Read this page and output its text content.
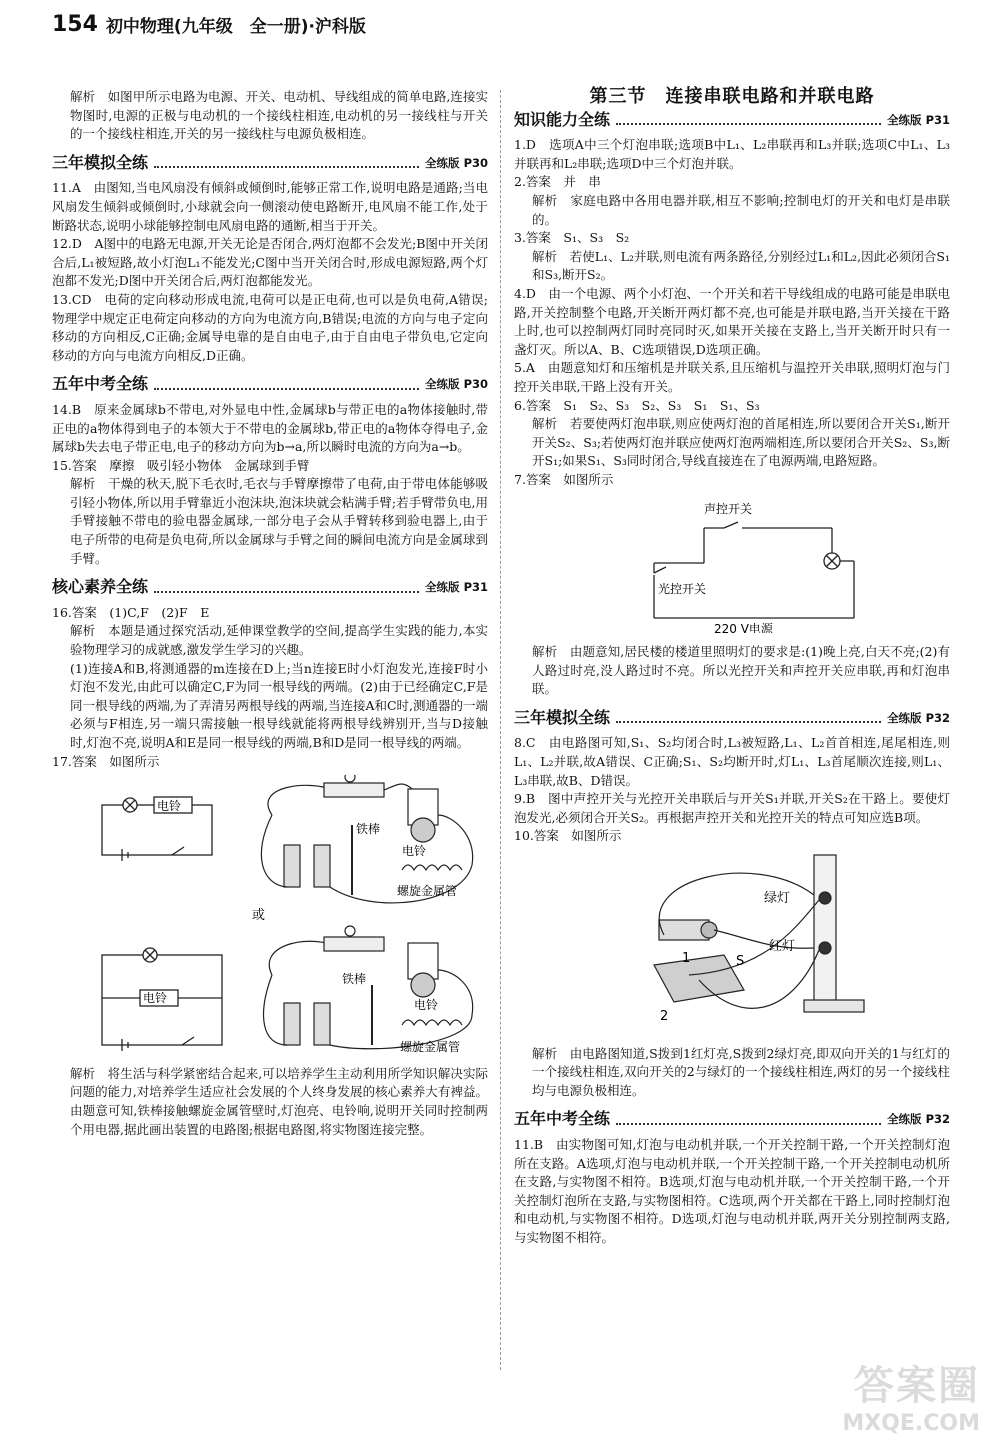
154 初中物理(九年级　全一册)·沪科版

解析　如图甲所示电路为电源、开关、电动机、导线组成的简单电路,连接实物图时,电源的正极与电动机的一个接线柱相连,电动机的另一接线柱与开关的一个接线柱相连,开关的另一接线柱与电源负极相连。

三年模拟全练	全练版 P30

11.A　由图知,当电风扇没有倾斜或倾倒时,能够正常工作,说明电路是通路;当电风扇发生倾斜或倾倒时,小球就会向一侧滚动使电路断开,电风扇不能工作,处于断路状态,说明小球能够控制电风扇电路的通断,相当于开关。

12.D　A图中的电路无电源,开关无论是否闭合,两灯泡都不会发光;B图中开关闭合后,L₁被短路,故小灯泡L₁不能发光;C图中当开关闭合时,形成电源短路,两个灯泡都不发光;D图中开关闭合后,两灯泡都能发光。

13.CD　电荷的定向移动形成电流,电荷可以是正电荷,也可以是负电荷,A错误;物理学中规定正电荷定向移动的方向为电流方向,B错误;电流的方向与电子定向移动的方向相反,C正确;金属导电靠的是自由电子,由于自由电子带负电,它定向移动的方向与电流方向相反,D正确。

五年中考全练	全练版 P30

14.B　原来金属球b不带电,对外显电中性,金属球b与带正电的a物体接触时,带正电的a物体得到电子的本领大于不带电的金属球b,带正电的a物体夺得电子,金属球b失去电子带正电,电子的移动方向为b→a,所以瞬时电流的方向为a→b。

15.答案　摩擦　吸引轻小物体　金属球到手臂

解析　干燥的秋天,脱下毛衣时,毛衣与手臂摩擦带了电荷,由于带电体能够吸引轻小物体,所以用手臂靠近小泡沫块,泡沫块就会粘满手臂;若手臂带负电,用手臂接触不带电的验电器金属球,一部分电子会从手臂转移到验电器上,由于电子所带的电荷是负电荷,所以金属球与手臂之间的瞬间电流方向是金属球到手臂。

核心素养全练	全练版 P31

16.答案　(1)C,F　(2)F　E

解析　本题是通过探究活动,延伸课堂教学的空间,提高学生实践的能力,本实验物理学习的成就感,激发学生学习的兴趣。

(1)连接A和B,将测通器的m连接在D上;当n连接E时小灯泡发光,连接F时小灯泡不发光,由此可以确定C,F为同一根导线的两端。(2)由于已经确定C,F是同一根导线的两端,为了弄清另两根导线的两端,当连接A和C时,测通器的一端必须与F相连,另一端只需接触一根导线就能将两根导线辨别开,当与D接触时,灯泡不亮,说明A和E是同一根导线的两端,B和D是同一根导线的两端。

17.答案　如图所示

电铃
铁棒
电铃
螺旋金属管
或
电铃
铁棒
电铃
螺旋金属管

解析　将生活与科学紧密结合起来,可以培养学生主动利用所学知识解决实际问题的能力,对培养学生适应社会发展的个人终身发展的核心素养大有裨益。由题意可知,铁棒接触螺旋金属管壁时,灯泡亮、电铃响,说明开关同时控制两个用电器,据此画出装置的电路图;根据电路图,将实物图连接完整。

第三节　连接串联电路和并联电路
知识能力全练	全练版 P31

1.D　选项A中三个灯泡串联;选项B中L₁、L₂串联再和L₃并联;选项C中L₁、L₃并联再和L₂串联;选项D中三个灯泡并联。

2.答案　并　串

解析　家庭电路中各用电器并联,相互不影响;控制电灯的开关和电灯是串联的。

3.答案　S₁、S₃　S₂

解析　若使L₁、L₂并联,则电流有两条路径,分别经过L₁和L₂,因此必须闭合S₁和S₃,断开S₂。

4.D　由一个电源、两个小灯泡、一个开关和若干导线组成的电路可能是串联电路,开关控制整个电路,开关断开两灯都不亮,也可能是并联电路,当开关接在干路上时,也可以控制两灯同时亮同时灭,如果开关接在支路上,当开关断开时只有一盏灯灭。所以A、B、C选项错误,D选项正确。

5.A　由题意知灯和压缩机是并联关系,且压缩机与温控开关串联,照明灯泡与门控开关串联,干路上没有开关。

6.答案　S₁　S₂、S₃　S₂、S₃　S₁　S₁、S₃

解析　若要使两灯泡串联,则应使两灯泡的首尾相连,所以要闭合开关S₁,断开开关S₂、S₃;若使两灯泡并联应使两灯泡两端相连,所以要闭合开关S₂、S₃,断开S₁;如果S₁、S₃同时闭合,导线直接连在了电源两端,电路短路。

7.答案　如图所示

声控开关
光控开关
220 V电源

解析　由题意知,居民楼的楼道里照明灯的要求是:(1)晚上亮,白天不亮;(2)有人路过时亮,没人路过时不亮。所以光控开关和声控开关应串联,再和灯泡串联。

三年模拟全练	全练版 P32

8.C　由电路图可知,S₁、S₂均闭合时,L₃被短路,L₁、L₂首首相连,尾尾相连,则L₁、L₂并联,故A错误、C正确;S₁、S₂均断开时,灯L₁、L₃首尾顺次连接,则L₁、L₃串联,故B、D错误。

9.B　图中声控开关与光控开关串联后与开关S₁并联,开关S₂在干路上。要使灯泡发光,必须闭合开关S₂。再根据声控开关和光控开关的特点可知应选B项。

10.答案　如图所示

绿灯
红灯
1
2
S

解析　由电路图知道,S拨到1红灯亮,S拨到2绿灯亮,即双向开关的1与红灯的一个接线柱相连,双向开关的2与绿灯的一个接线柱相连,两灯的另一个接线柱均与电源负极相连。

五年中考全练	全练版 P32

11.B　由实物图可知,灯泡与电动机并联,一个开关控制干路,一个开关控制灯泡所在支路。A选项,灯泡与电动机并联,一个开关控制干路,一个开关控制电动机所在支路,与实物图不相符。B选项,灯泡与电动机并联,一个开关控制干路,一个开关控制灯泡所在支路,与实物图相符。C选项,两个开关都在干路上,同时控制灯泡和电动机,与实物图不相符。D选项,灯泡与电动机并联,两开关分别控制两支路,与实物图不相符。

答案圈
MXQE.COM
